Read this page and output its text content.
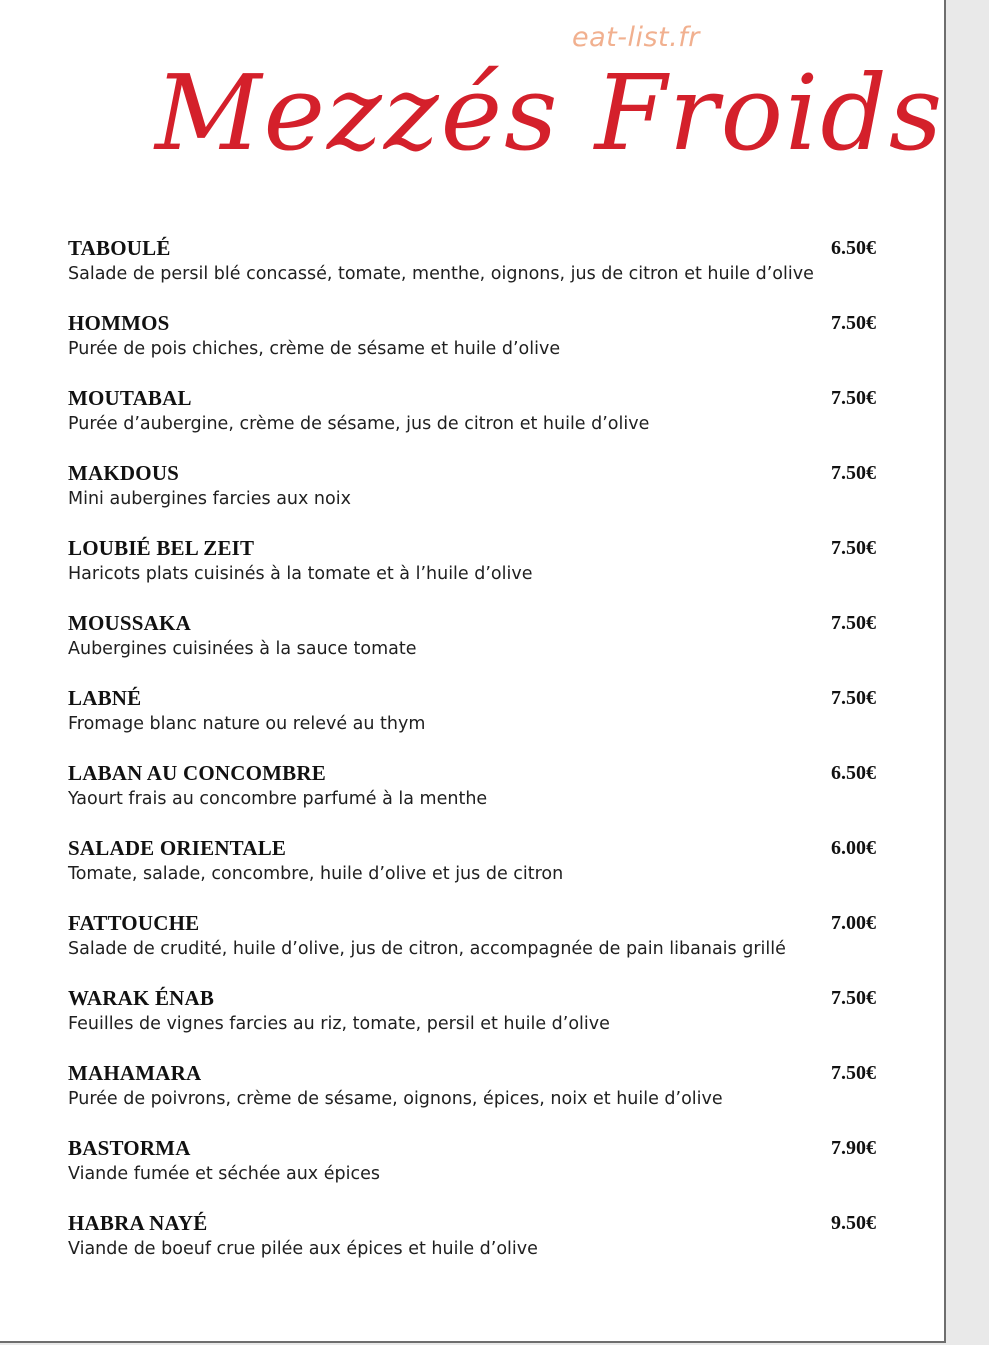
eat-list.fr
Mezzés Froids
TABOULÉ	6.50€
Salade de persil blé concassé, tomate, menthe, oignons, jus de citron et huile d’olive
HOMMOS	7.50€
Purée de pois chiches, crème de sésame et huile d’olive
MOUTABAL	7.50€
Purée d’aubergine, crème de sésame, jus de citron et huile d’olive
MAKDOUS	7.50€
Mini aubergines farcies aux noix
LOUBIÉ BEL ZEIT	7.50€
Haricots plats cuisinés à la tomate et à l’huile d’olive
MOUSSAKA	7.50€
Aubergines cuisinées à la sauce tomate
LABNÉ	7.50€
Fromage blanc nature ou relevé au thym
LABAN AU CONCOMBRE	6.50€
Yaourt frais au concombre parfumé à la menthe
SALADE ORIENTALE	6.00€
Tomate, salade, concombre, huile d’olive et jus de citron
FATTOUCHE	7.00€
Salade de crudité, huile d’olive, jus de citron, accompagnée de pain libanais grillé
WARAK ÉNAB	7.50€
Feuilles de vignes farcies au riz, tomate, persil et huile d’olive
MAHAMARA	7.50€
Purée de poivrons, crème de sésame, oignons, épices, noix et huile d’olive
BASTORMA	7.90€
Viande fumée et séchée aux épices
HABRA NAYÉ	9.50€
Viande de boeuf crue pilée aux épices et huile d’olive
